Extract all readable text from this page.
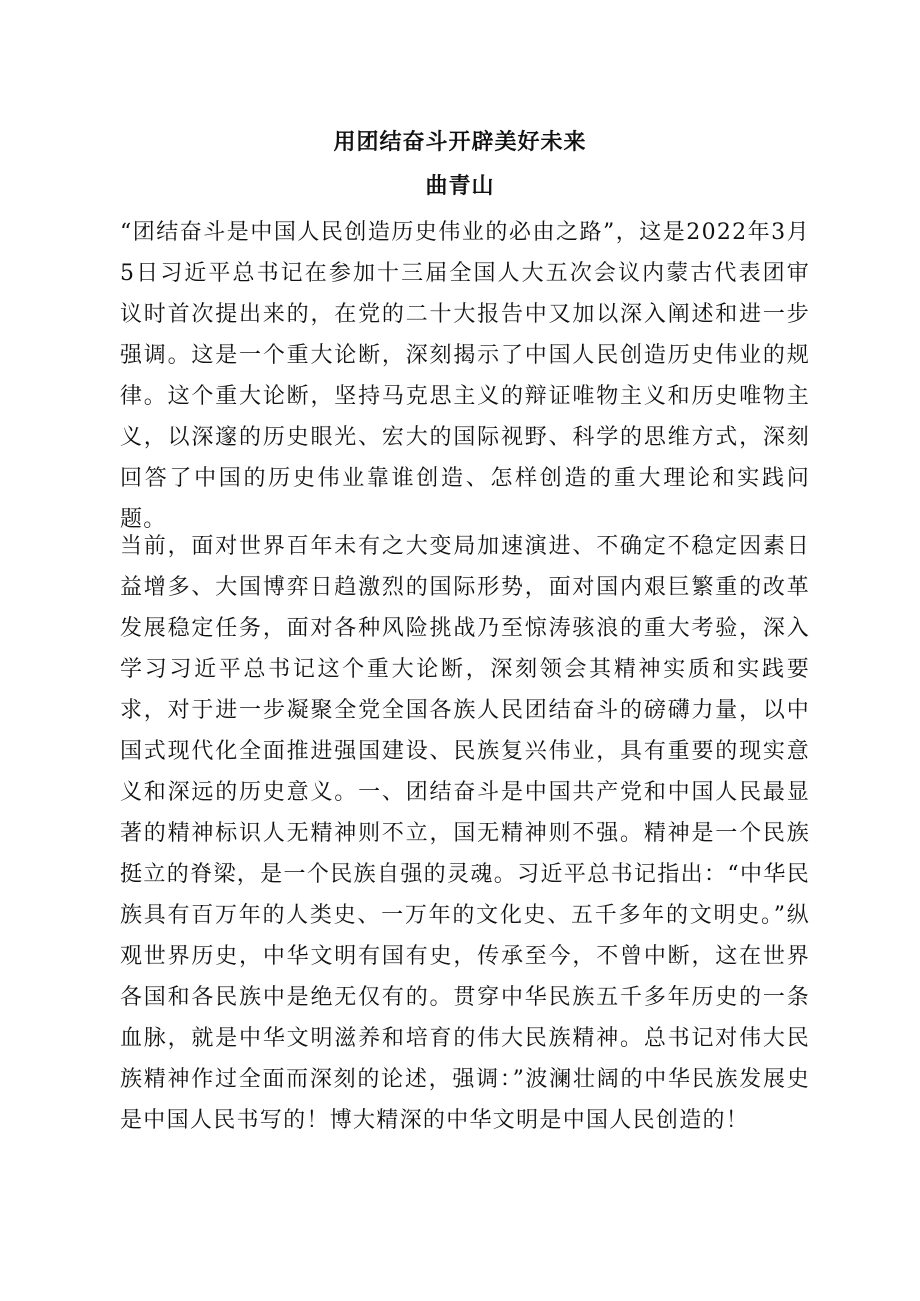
用团结奋斗开辟美好未来
曲青山

“团结奋斗是中国人民创造历史伟业的必由之路”，这是2022年3月5日习近平总书记在参加十三届全国人大五次会议内蒙古代表团审议时首次提出来的，在党的二十大报告中又加以深入阐述和进一步强调。这是一个重大论断，深刻揭示了中国人民创造历史伟业的规律。这个重大论断，坚持马克思主义的辩证唯物主义和历史唯物主义，以深邃的历史眼光、宏大的国际视野、科学的思维方式，深刻回答了中国的历史伟业靠谁创造、怎样创造的重大理论和实践问题。

当前，面对世界百年未有之大变局加速演进、不确定不稳定因素日益增多、大国博弈日趋激烈的国际形势，面对国内艰巨繁重的改革发展稳定任务，面对各种风险挑战乃至惊涛骇浪的重大考验，深入学习习近平总书记这个重大论断，深刻领会其精神实质和实践要求，对于进一步凝聚全党全国各族人民团结奋斗的磅礴力量，以中国式现代化全面推进强国建设、民族复兴伟业，具有重要的现实意义和深远的历史意义。一、团结奋斗是中国共产党和中国人民最显著的精神标识人无精神则不立，国无精神则不强。精神是一个民族挺立的脊梁，是一个民族自强的灵魂。习近平总书记指出：“中华民族具有百万年的人类史、一万年的文化史、五千多年的文明史。”纵观世界历史，中华文明有国有史，传承至今，不曾中断，这在世界各国和各民族中是绝无仅有的。贯穿中华民族五千多年历史的一条血脉，就是中华文明滋养和培育的伟大民族精神。总书记对伟大民族精神作过全面而深刻的论述，强调：”波澜壮阔的中华民族发展史是中国人民书写的！博大精深的中华文明是中国人民创造的！
